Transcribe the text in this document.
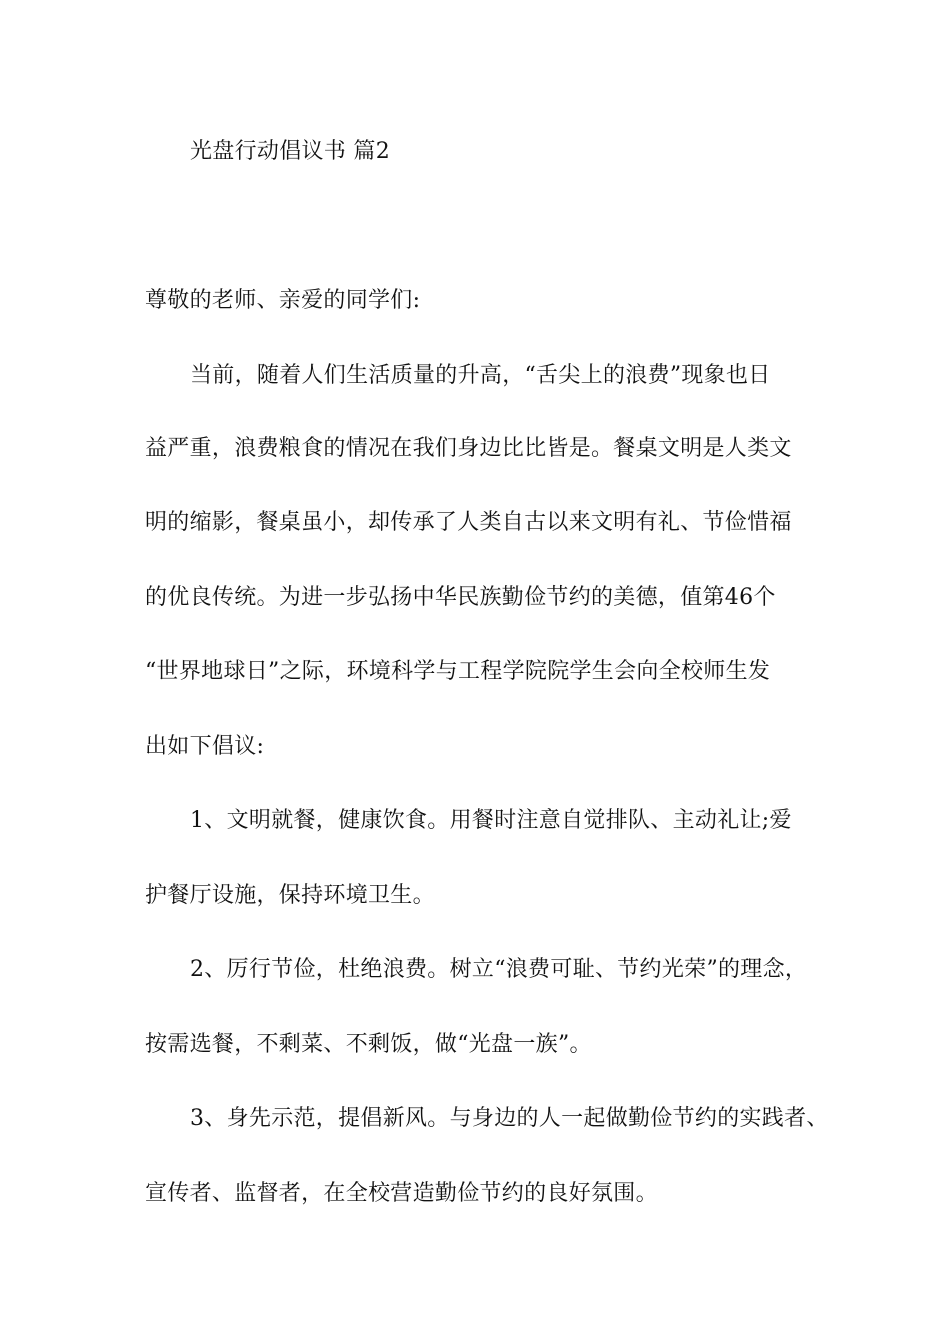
光盘行动倡议书 篇2
尊敬的老师、亲爱的同学们:
当前，随着人们生活质量的升高，“舌尖上的浪费”现象也日
益严重，浪费粮食的情况在我们身边比比皆是。餐桌文明是人类文
明的缩影，餐桌虽小，却传承了人类自古以来文明有礼、节俭惜福
的优良传统。为进一步弘扬中华民族勤俭节约的美德，值第46个
“世界地球日”之际，环境科学与工程学院院学生会向全校师生发
出如下倡议:
1、文明就餐，健康饮食。用餐时注意自觉排队、主动礼让;爱
护餐厅设施，保持环境卫生。
2、厉行节俭，杜绝浪费。树立“浪费可耻、节约光荣”的理念，
按需选餐，不剩菜、不剩饭，做“光盘一族”。
3、身先示范，提倡新风。与身边的人一起做勤俭节约的实践者、
宣传者、监督者，在全校营造勤俭节约的良好氛围。
